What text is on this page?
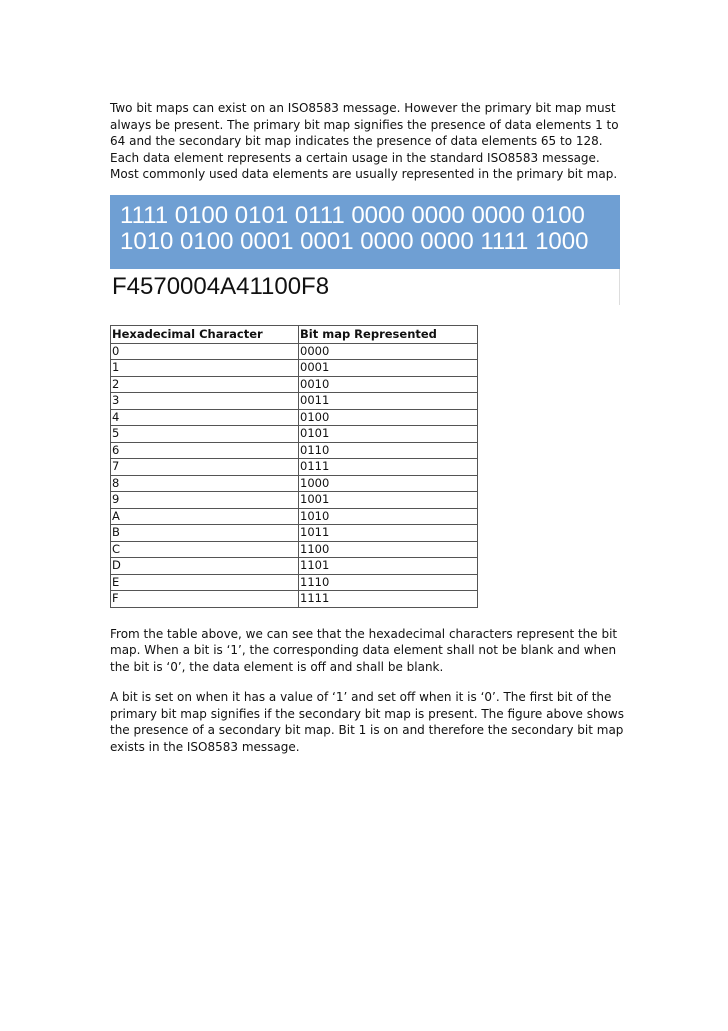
Two bit maps can exist on an ISO8583 message. However the primary bit map must always be present. The primary bit map signifies the presence of data elements 1 to 64 and the secondary bit map indicates the presence of data elements 65 to 128. Each data element represents a certain usage in the standard ISO8583 message. Most commonly used data elements are usually represented in the primary bit map.

1111 0100 0101 0111 0000 0000 0000 0100
1010 0100 0001 0001 0000 0000 1111 1000
F4570004A41100F8
Hexadecimal Character	Bit map Represented
0	0000
1	0001
2	0010
3	0011
4	0100
5	0101
6	0110
7	0111
8	1000
9	1001
A	1010
B	1011
C	1100
D	1101
E	1110
F	1111

From the table above, we can see that the hexadecimal characters represent the bit map. When a bit is ‘1’, the corresponding data element shall not be blank and when the bit is ‘0’, the data element is off and shall be blank.

A bit is set on when it has a value of ‘1’ and set off when it is ‘0’. The first bit of the primary bit map signifies if the secondary bit map is present. The figure above shows the presence of a secondary bit map. Bit 1 is on and therefore the secondary bit map exists in the ISO8583 message.
